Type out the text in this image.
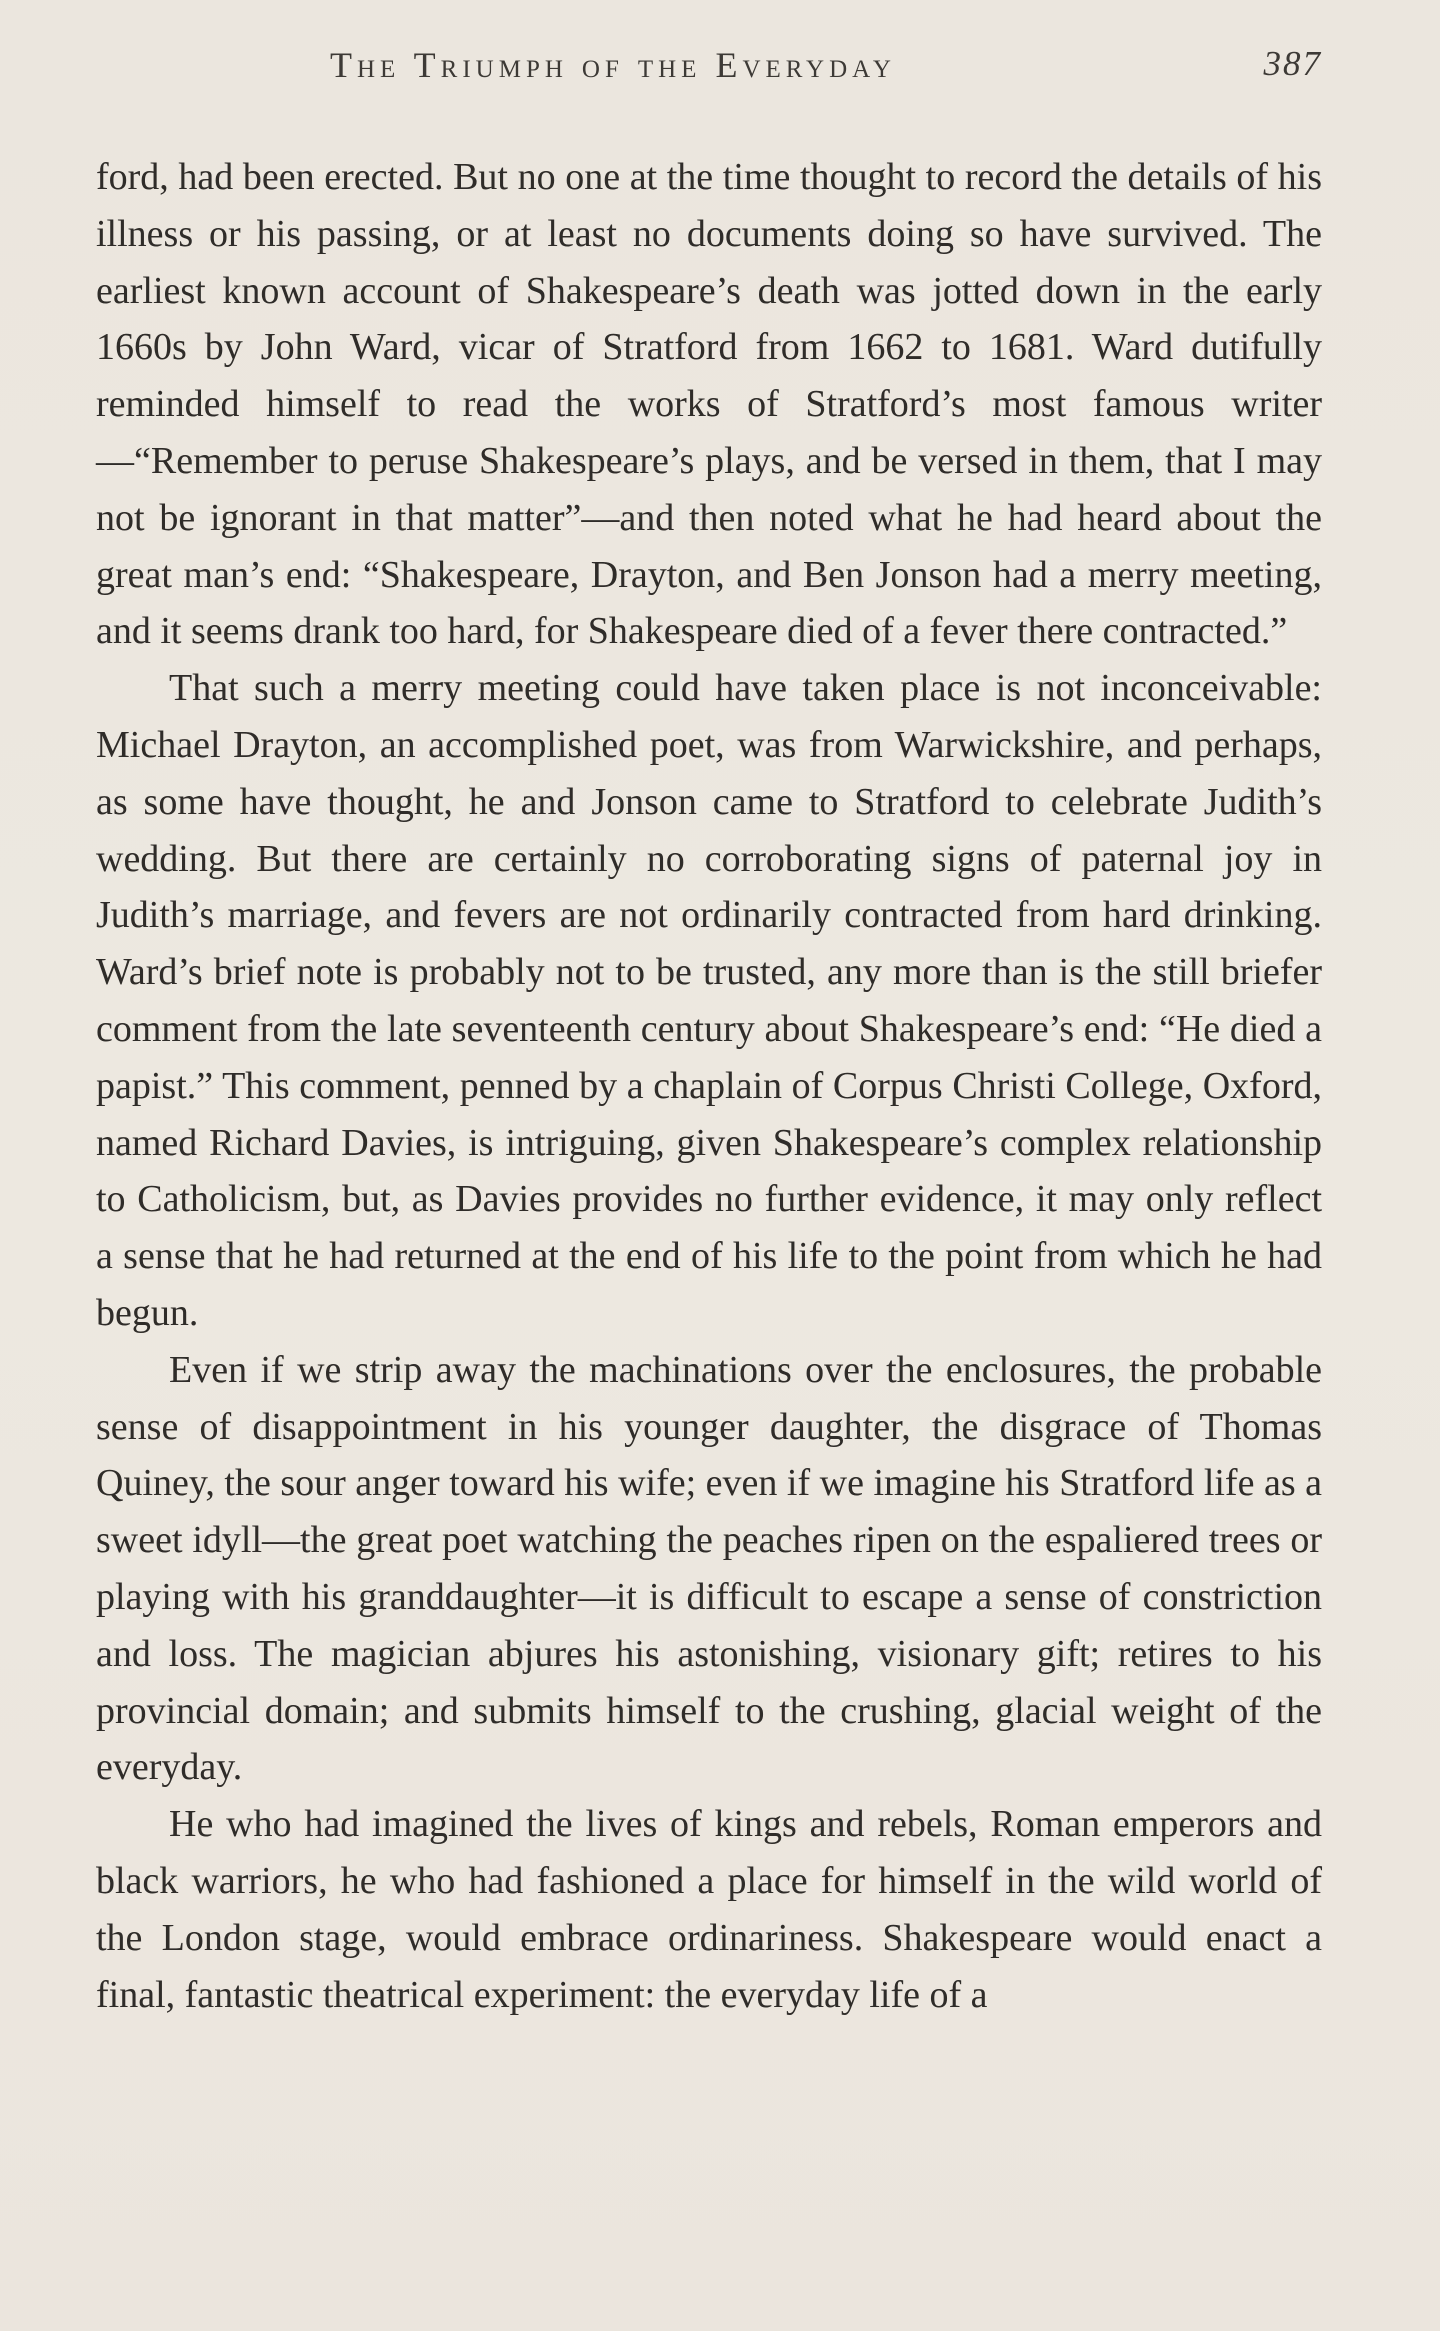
The Triumph of the Everyday	387

ford, had been erected. But no one at the time thought to record the details of his illness or his passing, or at least no documents doing so have survived. The earliest known account of Shakespeare’s death was jotted down in the early 1660s by John Ward, vicar of Stratford from 1662 to 1681. Ward dutifully reminded himself to read the works of Stratford’s most famous writer—“Remember to peruse Shakespeare’s plays, and be versed in them, that I may not be ignorant in that matter”—and then noted what he had heard about the great man’s end: “Shakespeare, Drayton, and Ben Jonson had a merry meeting, and it seems drank too hard, for Shakespeare died of a fever there contracted.”

That such a merry meeting could have taken place is not inconceivable: Michael Drayton, an accomplished poet, was from Warwickshire, and perhaps, as some have thought, he and Jonson came to Stratford to celebrate Judith’s wedding. But there are certainly no corroborating signs of paternal joy in Judith’s marriage, and fevers are not ordinarily contracted from hard drinking. Ward’s brief note is probably not to be trusted, any more than is the still briefer comment from the late seventeenth century about Shakespeare’s end: “He died a papist.” This comment, penned by a chaplain of Corpus Christi College, Oxford, named Richard Davies, is intriguing, given Shakespeare’s complex relationship to Catholicism, but, as Davies provides no further evidence, it may only reflect a sense that he had returned at the end of his life to the point from which he had begun.

Even if we strip away the machinations over the enclosures, the probable sense of disappointment in his younger daughter, the disgrace of Thomas Quiney, the sour anger toward his wife; even if we imagine his Stratford life as a sweet idyll—the great poet watching the peaches ripen on the espaliered trees or playing with his granddaughter—it is difficult to escape a sense of constriction and loss. The magician abjures his astonishing, visionary gift; retires to his provincial domain; and submits himself to the crushing, glacial weight of the everyday.

He who had imagined the lives of kings and rebels, Roman emperors and black warriors, he who had fashioned a place for himself in the wild world of the London stage, would embrace ordinariness. Shakespeare would enact a final, fantastic theatrical experiment: the everyday life of a
